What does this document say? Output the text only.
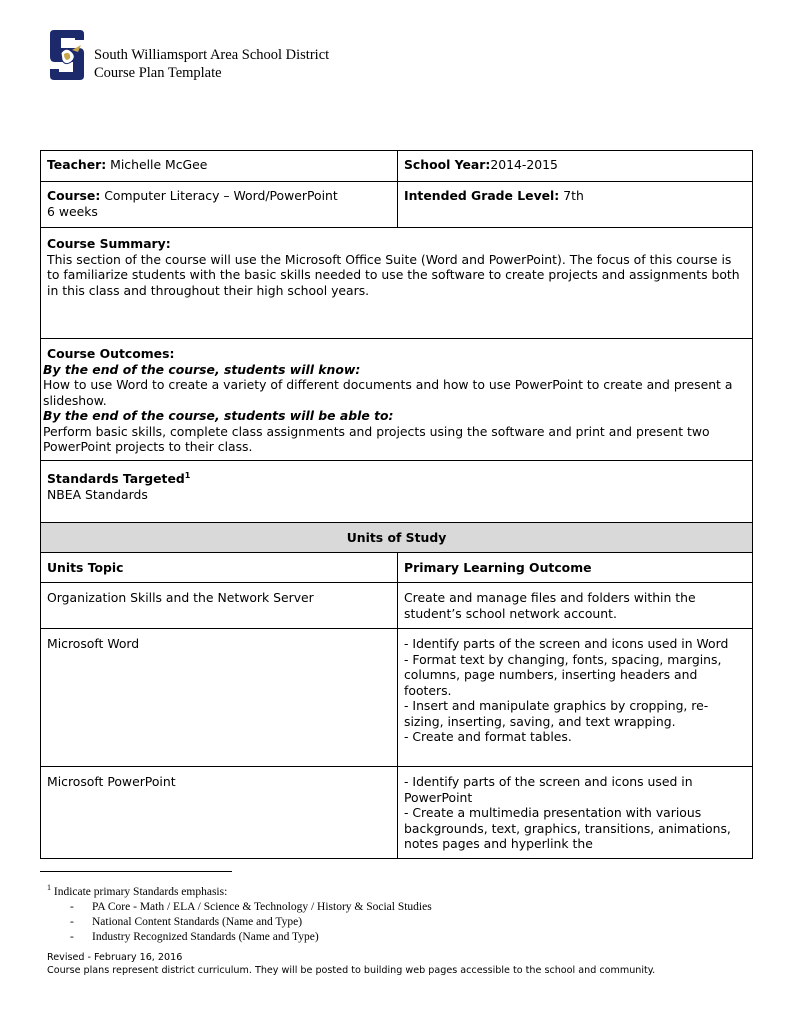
South Williamsport Area School District
Course Plan Template
Teacher: Michelle McGee	School Year:2014-2015
Course: Computer Literacy – Word/PowerPoint
6 weeks	Intended Grade Level: 7th

Course Summary:
This section of the course will use the Microsoft Office Suite (Word and PowerPoint). The focus of this course is to familiarize students with the basic skills needed to use the software to create projects and assignments both in this class and throughout their high school years.	

Course Outcomes:
By the end of the course, students will know:
How to use Word to create a variety of different documents and how to use PowerPoint to create and present a slideshow.
By the end of the course, students will be able to:
Perform basic skills, complete class assignments and projects using the software and print and present two PowerPoint projects to their class.	

Standards Targeted$^1$
NBEA Standards	

Units of Study	
Units Topic	Primary Learning Outcome
Organization Skills and the Network Server	Create and manage files and folders within the student’s school network account.
Microsoft Word	- Identify parts of the screen and icons used in Word
- Format text by changing, fonts, spacing, margins, columns, page numbers, inserting headers and footers.
- Insert and manipulate graphics by cropping, re-sizing, inserting, saving, and text wrapping.
- Create and format tables.
Microsoft PowerPoint	- Identify parts of the screen and icons used in PowerPoint
- Create a multimedia presentation with various backgrounds, text, graphics, transitions, animations, notes pages and hyperlink the
$^1$ Indicate primary Standards emphasis:
- PA Core - Math / ELA / Science & Technology / History & Social Studies
- National Content Standards (Name and Type)
- Industry Recognized Standards (Name and Type)
Revised - February 16, 2016
Course plans represent district curriculum. They will be posted to building web pages accessible to the school and community.
